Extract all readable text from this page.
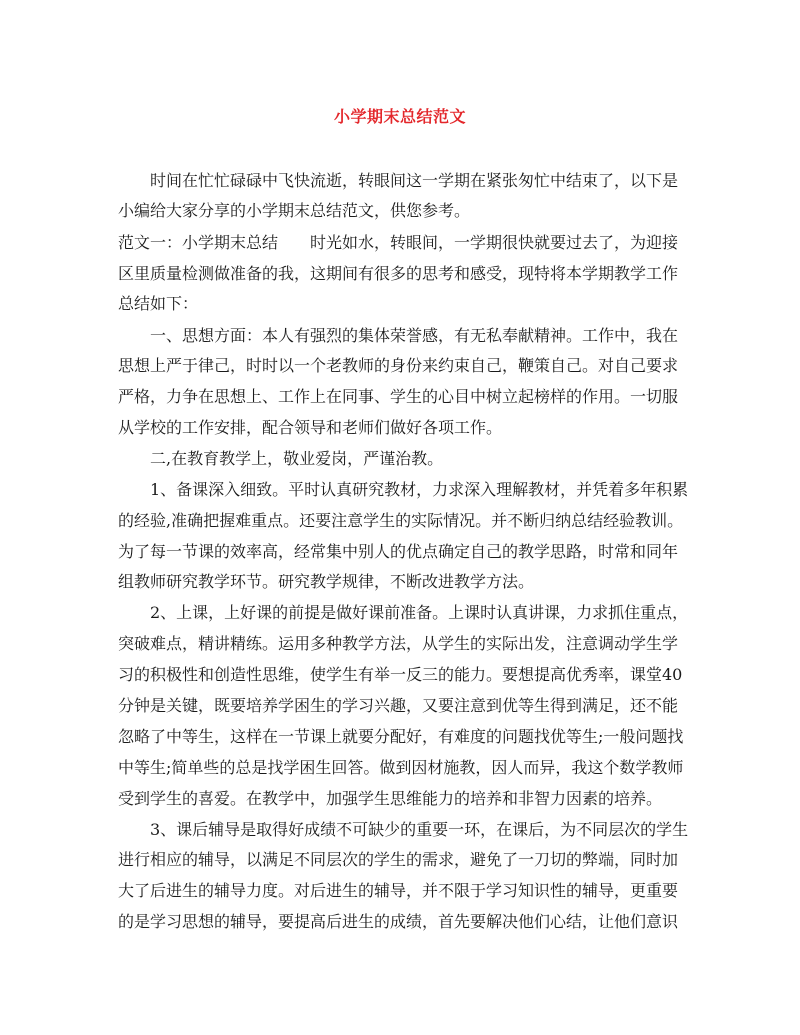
小学期末总结范文
时间在忙忙碌碌中飞快流逝，转眼间这一学期在紧张匆忙中结束了，以下是
小编给大家分享的小学期末总结范文，供您参考。
范文一：小学期末总结　　时光如水，转眼间，一学期很快就要过去了，为迎接
区里质量检测做准备的我，这期间有很多的思考和感受，现特将本学期教学工作
总结如下：
一、思想方面：本人有强烈的集体荣誉感，有无私奉献精神。工作中，我在
思想上严于律己，时时以一个老教师的身份来约束自己，鞭策自己。对自己要求
严格，力争在思想上、工作上在同事、学生的心目中树立起榜样的作用。一切服
从学校的工作安排，配合领导和老师们做好各项工作。
二,在教育教学上，敬业爱岗，严谨治教。
1、备课深入细致。平时认真研究教材，力求深入理解教材，并凭着多年积累
的经验,准确把握难重点。还要注意学生的实际情况。并不断归纳总结经验教训。
为了每一节课的效率高，经常集中别人的优点确定自己的教学思路，时常和同年
组教师研究教学环节。研究教学规律，不断改进教学方法。
2、上课，上好课的前提是做好课前准备。上课时认真讲课，力求抓住重点，
突破难点，精讲精练。运用多种教学方法，从学生的实际出发，注意调动学生学
习的积极性和创造性思维，使学生有举一反三的能力。要想提高优秀率，课堂40
分钟是关键，既要培养学困生的学习兴趣，又要注意到优等生得到满足，还不能
忽略了中等生，这样在一节课上就要分配好，有难度的问题找优等生;一般问题找
中等生;简单些的总是找学困生回答。做到因材施教，因人而异，我这个数学教师
受到学生的喜爱。在教学中，加强学生思维能力的培养和非智力因素的培养。
3、课后辅导是取得好成绩不可缺少的重要一环，在课后，为不同层次的学生
进行相应的辅导，以满足不同层次的学生的需求，避免了一刀切的弊端，同时加
大了后进生的辅导力度。对后进生的辅导，并不限于学习知识性的辅导，更重要
的是学习思想的辅导，要提高后进生的成绩，首先要解决他们心结，让他们意识
